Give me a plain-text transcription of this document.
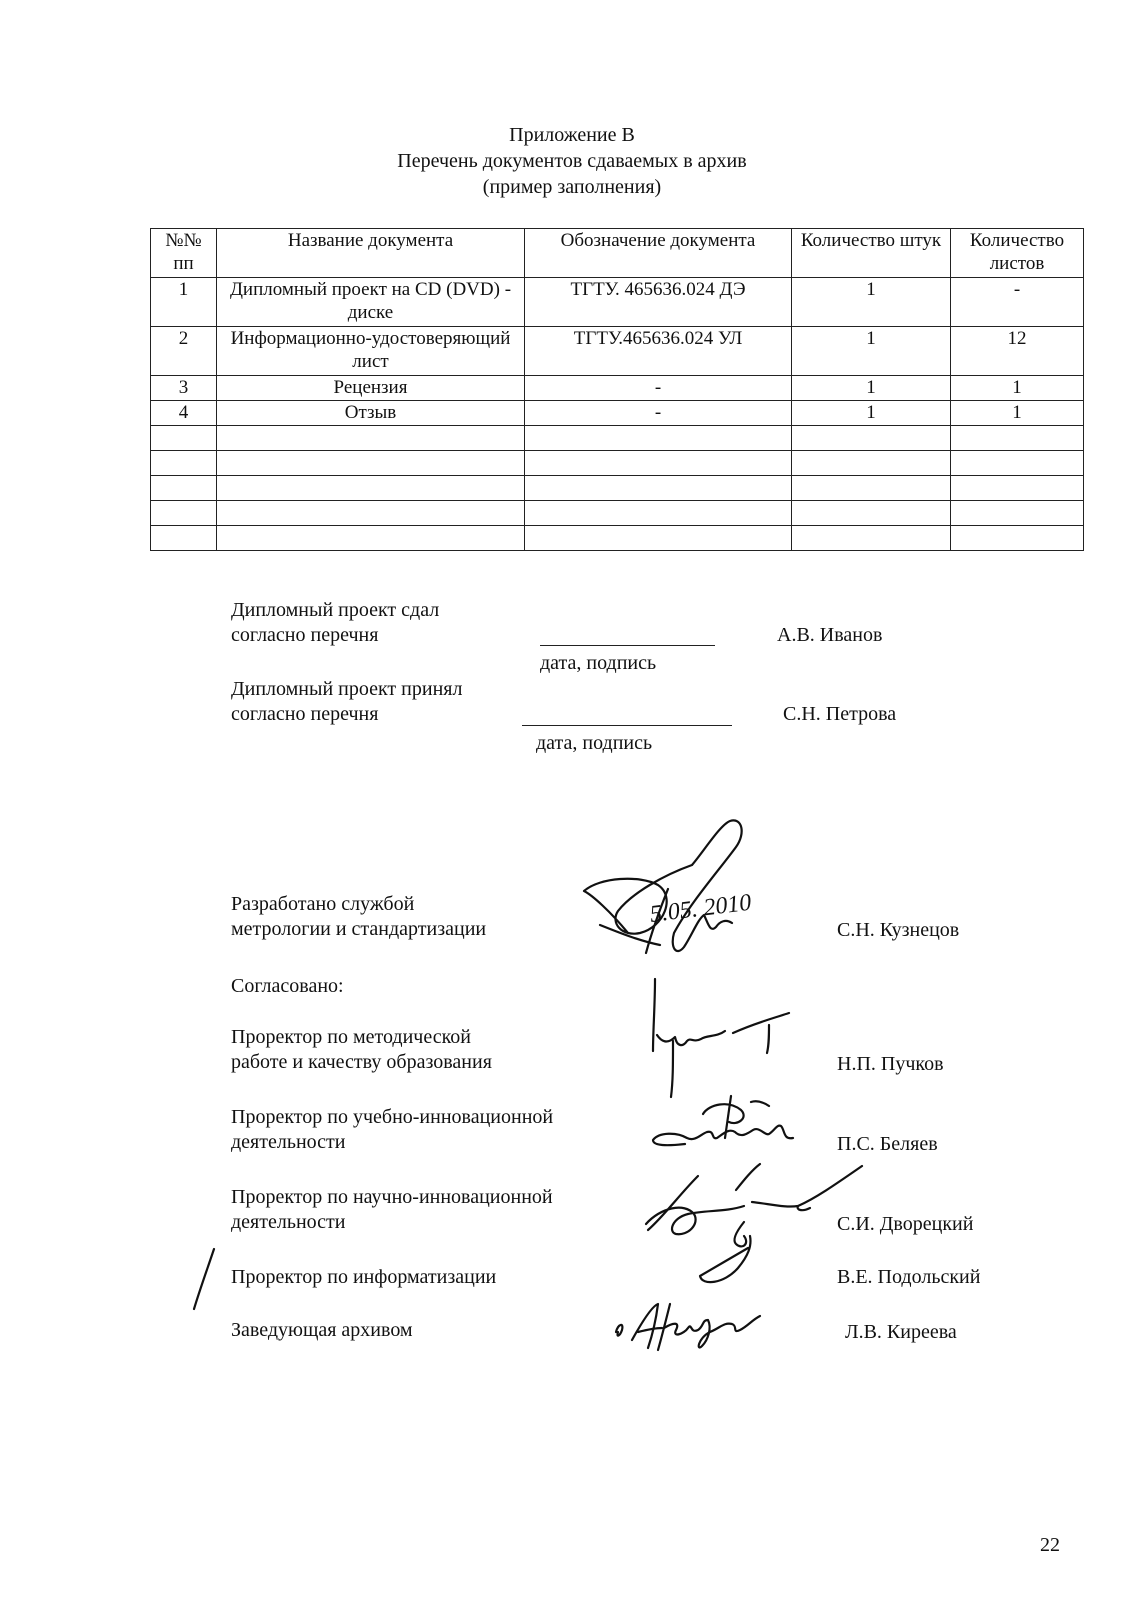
Приложение В
Перечень документов сдаваемых в архив
(пример заполнения)
№№ пп	Название документа	Обозначение документа	Количество штук	Количество листов
1	Дипломный проект на CD (DVD) - диске	ТГТУ. 465636.024 ДЭ	1	-
2	Информационно-удостоверяющий лист	ТГТУ.465636.024 УЛ	1	12
3	Рецензия	-	1	1
4	Отзыв	-	1	1

Дипломный проект сдал
согласно перечня
дата, подпись
А.В. Иванов
Дипломный проект принял
согласно перечня
дата, подпись
С.Н. Петрова
Разработано службой
метрологии и стандартизации	С.Н. Кузнецов
5.05. 2010
Согласовано:
Проректор по методической
работе и качеству образования	Н.П. Пучков
Проректор по учебно-инновационной
деятельности	П.С. Беляев
Проректор по научно-инновационной
деятельности	С.И. Дворецкий
Проректор по информатизации	В.Е. Подольский
Заведующая архивом	Л.В. Киреева
22
